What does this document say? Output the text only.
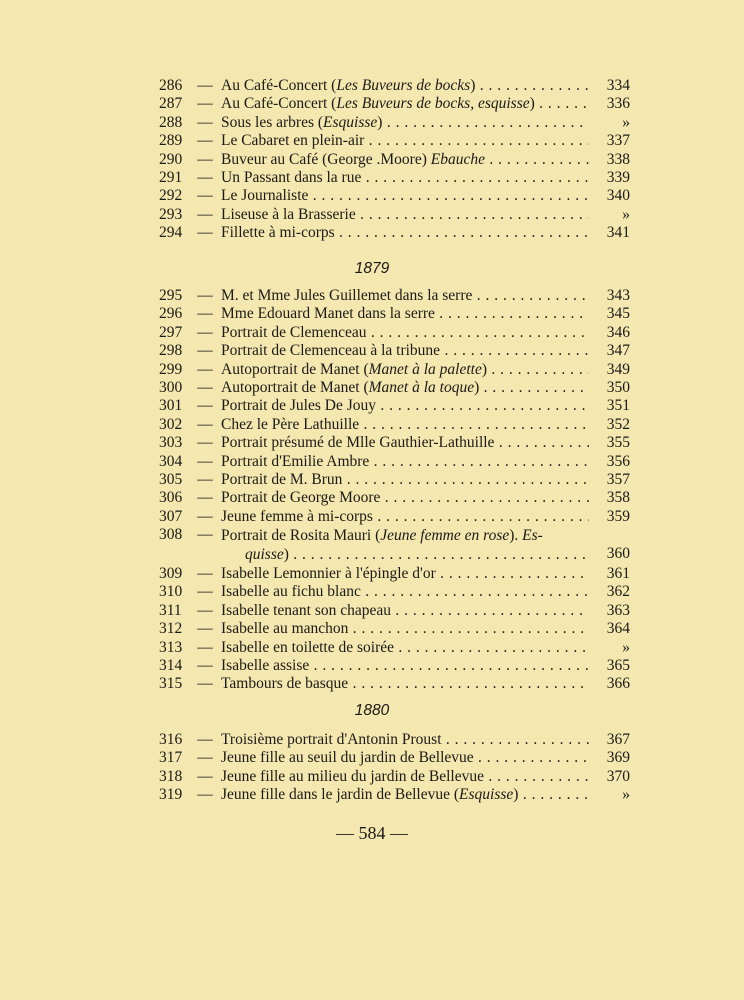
286 — Au Café-Concert (Les Buveurs de bocks) . . .	334
287 — Au Café-Concert (Les Buveurs de bocks, esquisse) . . .	336
288 — Sous les arbres (Esquisse) . . .	»
289 — Le Cabaret en plein-air . . .	337
290 — Buveur au Café (George .Moore) Ebauche . . .	338
291 — Un Passant dans la rue . . .	339
292 — Le Journaliste . . .	340
293 — Liseuse à la Brasserie . . .	»
294 — Fillette à mi-corps . . .	341
1879
295 — M. et Mme Jules Guillemet dans la serre . . .	343
296 — Mme Edouard Manet dans la serre . . .	345
297 — Portrait de Clemenceau . . .	346
298 — Portrait de Clemenceau à la tribune . . .	347
299 — Autoportrait de Manet (Manet à la palette) . . .	349
300 — Autoportrait de Manet (Manet à la toque) . . .	350
301 — Portrait de Jules De Jouy . . .	351
302 — Chez le Père Lathuille . . .	352
303 — Portrait présumé de Mlle Gauthier-Lathuille . . .	355
304 — Portrait d'Emilie Ambre . . .	356
305 — Portrait de M. Brun . . .	357
306 — Portrait de George Moore . . .	358
307 — Jeune femme à mi-corps . . .	359
308 — Portrait de Rosita Mauri (Jeune femme en rose). Es-
quisse) . . .	360
309 — Isabelle Lemonnier à l'épingle d'or . . .	361
310 — Isabelle au fichu blanc . . .	362
311	— Isabelle tenant son chapeau . . .	363
312 — Isabelle au manchon . . .	364
313 — Isabelle en toilette de soirée . . .	»
314 — Isabelle assise . . .	365
315 — Tambours de basque . . .	366
1880
316 — Troisième portrait d'Antonin Proust . . .	367
317 — Jeune fille au seuil du jardin de Bellevue . . .	369
318 — Jeune fille au milieu du jardin de Bellevue . . .	370
319 — Jeune fille dans le jardin de Bellevue (Esquisse) . . .	»
— 584 —
